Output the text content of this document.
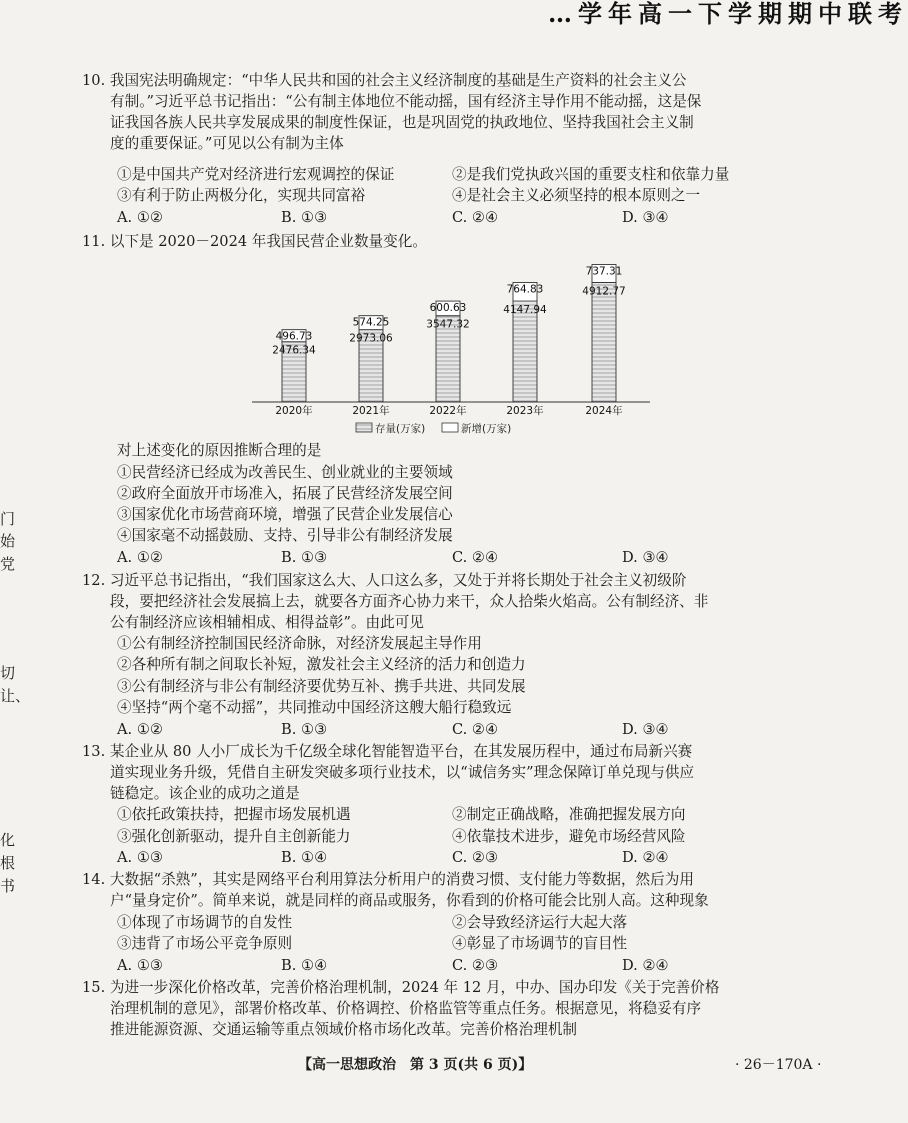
…学年高一下学期期中联考
门
始
党
切
让、
化
根
书
10. 我国宪法明确规定：“中华人民共和国的社会主义经济制度的基础是生产资料的社会主义公
有制。”习近平总书记指出：“公有制主体地位不能动摇，国有经济主导作用不能动摇，这是保
证我国各族人民共享发展成果的制度性保证，也是巩固党的执政地位、坚持我国社会主义制
度的重要保证。”可见以公有制为主体
①是中国共产党对经济进行宏观调控的保证	②是我们党执政兴国的重要支柱和依靠力量
③有利于防止两极分化，实现共同富裕	④是社会主义必须坚持的根本原则之一
A. ①②	B. ①③	C. ②④	D. ③④
11. 以下是 2020－2024 年我国民营企业数量变化。
2476.34
496.73	2973.06
574.25	3547.32
600.63	4147.94
764.83	4912.77
737.31
2020年	2021年	2022年	2023年	2024年
存量(万家)	新增(万家)
对上述变化的原因推断合理的是
①民营经济已经成为改善民生、创业就业的主要领域
②政府全面放开市场准入，拓展了民营经济发展空间
③国家优化市场营商环境，增强了民营企业发展信心
④国家毫不动摇鼓励、支持、引导非公有制经济发展
A. ①②	B. ①③	C. ②④	D. ③④
12. 习近平总书记指出，“我们国家这么大、人口这么多，又处于并将长期处于社会主义初级阶
段，要把经济社会发展搞上去，就要各方面齐心协力来干，众人拾柴火焰高。公有制经济、非
公有制经济应该相辅相成、相得益彰”。由此可见
①公有制经济控制国民经济命脉，对经济发展起主导作用
②各种所有制之间取长补短，激发社会主义经济的活力和创造力
③公有制经济与非公有制经济要优势互补、携手共进、共同发展
④坚持“两个毫不动摇”，共同推动中国经济这艘大船行稳致远
A. ①②	B. ①③	C. ②④	D. ③④
13. 某企业从 80 人小厂成长为千亿级全球化智能智造平台，在其发展历程中，通过布局新兴赛
道实现业务升级，凭借自主研发突破多项行业技术，以“诚信务实”理念保障订单兑现与供应
链稳定。该企业的成功之道是
①依托政策扶持，把握市场发展机遇	②制定正确战略，准确把握发展方向
③强化创新驱动，提升自主创新能力	④依靠技术进步，避免市场经营风险
A. ①③	B. ①④	C. ②③	D. ②④
14. 大数据“杀熟”，其实是网络平台利用算法分析用户的消费习惯、支付能力等数据，然后为用
户“量身定价”。简单来说，就是同样的商品或服务，你看到的价格可能会比别人高。这种现象
①体现了市场调节的自发性	②会导致经济运行大起大落
③违背了市场公平竞争原则	④彰显了市场调节的盲目性
A. ①③	B. ①④	C. ②③	D. ②④
15. 为进一步深化价格改革，完善价格治理机制，2024 年 12 月，中办、国办印发《关于完善价格
治理机制的意见》，部署价格改革、价格调控、价格监管等重点任务。根据意见，将稳妥有序
推进能源资源、交通运输等重点领域价格市场化改革。完善价格治理机制
【高一思想政治　第 3 页(共 6 页)】	· 26－170A ·
